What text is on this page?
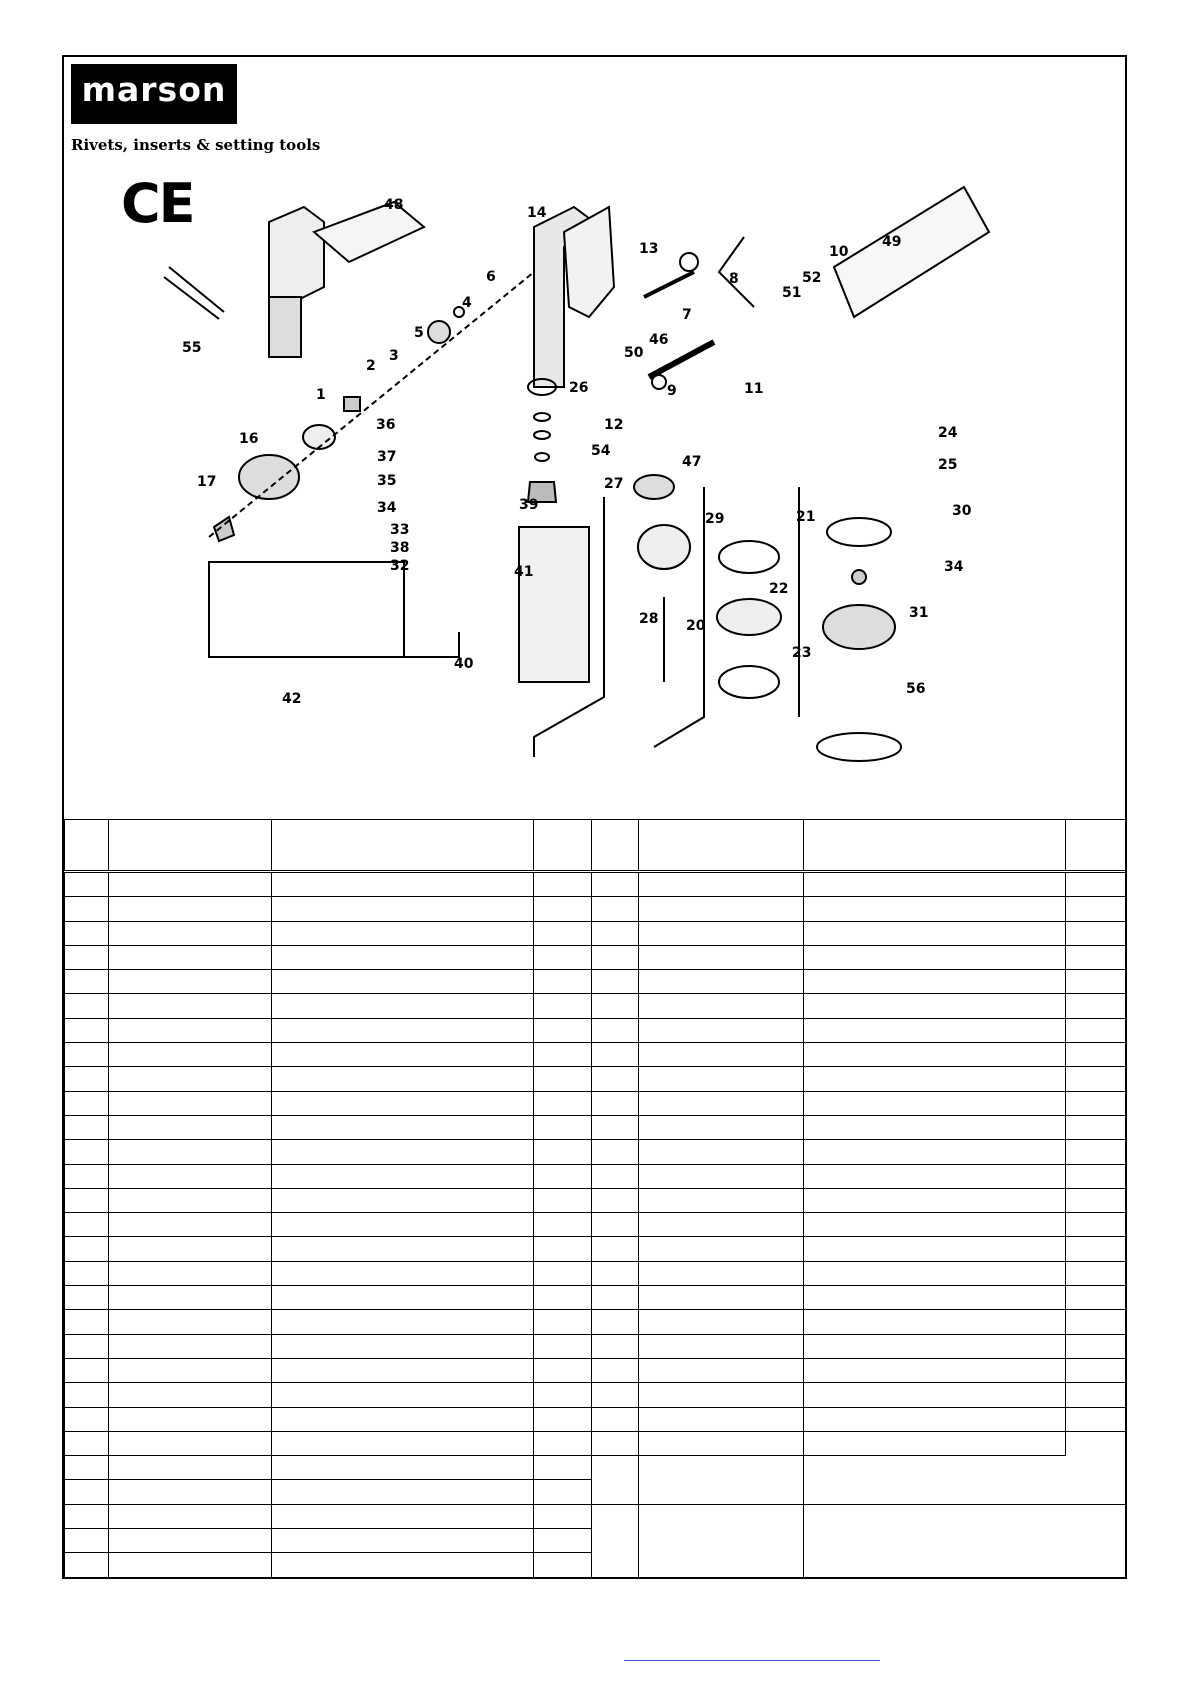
48	14
13
6	8
49
10
52
51
55
5
4
7
46
50
3
2
26	11
9
1
12
16
54
17
36
37
35
34
33
38
32
27
47
29	21
24
25
30
39
41
28 20
22
34
31
42
40
23
56
marson
Rivets, inserts & setting tools
CE
